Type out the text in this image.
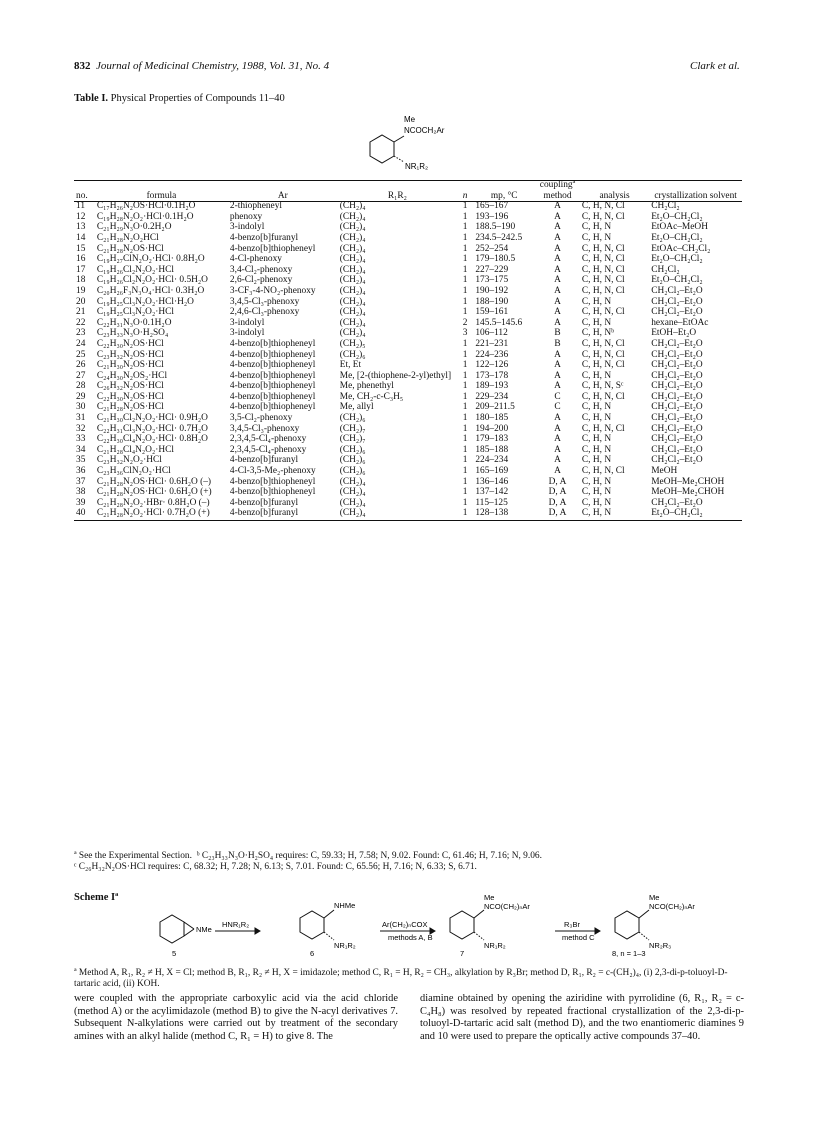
832 Journal of Medicinal Chemistry, 1988, Vol. 31, No. 4	Clark et al.
Table I. Physical Properties of Compounds 11–40
Me
NCOCH₂Ar
NR₁R₂
no.	formula	Ar	R₁R₂	n	mp, °C	couplingª method	analysis	crystallization solvent
11	C₁₇H₂₆N₂OS·HCl·0.1H₂O	2-thiopheneyl	(CH₂)₄	1	165–167	A	C, H, N, Cl	CH₂Cl₂
12	C₁₉H₂₈N₂O₂·HCl·0.1H₂O	phenoxy	(CH₂)₄	1	193–196	A	C, H, N, Cl	Et₂O–CH₂Cl₂
13	C₂₁H₂₉N₃O·0.2H₂O	3-indolyl	(CH₂)₄	1	188.5–190	A	C, H, N	EtOAc–MeOH
14	C₂₁H₂₈N₂O₂HCl	4-benzo[b]furanyl	(CH₂)₄	1	234.5–242.5	A	C, H, N	Et₂O–CH₂Cl₂
15	C₂₁H₂₈N₂OS·HCl	4-benzo[b]thiopheneyl	(CH₂)₄	1	252–254	A	C, H, N, Cl	EtOAc–CH₂Cl₂
16	C₁₉H₂₇ClN₂O₂·HCl· 0.8H₂O	4-Cl-phenoxy	(CH₂)₄	1	179–180.5	A	C, H, N, Cl	Et₂O–CH₂Cl₂
17	C₁₉H₂₆Cl₂N₂O₂·HCl	3,4-Cl₂-phenoxy	(CH₂)₄	1	227–229	A	C, H, N, Cl	CH₂Cl₂
18	C₁₉H₂₆Cl₂N₂O₂·HCl· 0.5H₂O	2,6-Cl₂-phenoxy	(CH₂)₄	1	173–175	A	C, H, N, Cl	Et₂O–CH₂Cl₂
19	C₂₀H₂₆F₃N₃O₄·HCl· 0.3H₂O	3-CF₃-4-NO₂-phenoxy	(CH₂)₄	1	190–192	A	C, H, N, Cl	CH₂Cl₂–Et₂O
20	C₁₉H₂₅Cl₃N₂O₂·HCl·H₂O	3,4,5-Cl₃-phenoxy	(CH₂)₄	1	188–190	A	C, H, N	CH₂Cl₂–Et₂O
21	C₁₉H₂₅Cl₃N₂O₂·HCl	2,4,6-Cl₃-phenoxy	(CH₂)₄	1	159–161	A	C, H, N, Cl	CH₂Cl₂–Et₂O
22	C₂₂H₃₁N₃O·0.1H₂O	3-indolyl	(CH₂)₄	2	145.5–145.6	A	C, H, N	hexane–EtOAc
23	C₂₃H₃₃N₃O·H₂SO₄	3-indolyl	(CH₂)₄	3	106–112	B	C, H, Nᵇ	EtOH–Et₂O
24	C₂₂H₃₀N₂OS·HCl	4-benzo[b]thiopheneyl	(CH₂)₅	1	221–231	B	C, H, N, Cl	CH₂Cl₂–Et₂O
25	C₂₃H₃₂N₂OS·HCl	4-benzo[b]thiopheneyl	(CH₂)₆	1	224–236	A	C, H, N, Cl	CH₂Cl₂–Et₂O
26	C₂₁H₃₀N₂OS·HCl	4-benzo[b]thiopheneyl	Et, Et	1	122–126	A	C, H, N, Cl	CH₂Cl₂–Et₂O
27	C₂₄H₃₀N₂OS₂·HCl	4-benzo[b]thiopheneyl	Me, [2-(thiophene-2-yl)ethyl]	1	173–178	A	C, H, N	CH₂Cl₂–Et₂O
28	C₂₆H₃₂N₂OS·HCl	4-benzo[b]thiopheneyl	Me, phenethyl	1	189–193	A	C, H, N, Sᶜ	CH₂Cl₂–Et₂O
29	C₂₂H₃₀N₂OS·HCl	4-benzo[b]thiopheneyl	Me, CH₂-c-C₃H₅	1	229–234	C	C, H, N, Cl	CH₂Cl₂–Et₂O
30	C₂₁H₂₈N₂OS·HCl	4-benzo[b]thiopheneyl	Me, allyl	1	209–211.5	C	C, H, N	CH₂Cl₂–Et₂O
31	C₂₁H₃₀Cl₂N₂O₂·HCl· 0.9H₂O	3,5-Cl₂-phenoxy	(CH₂)₆	1	180–185	A	C, H, N	CH₂Cl₂–Et₂O
32	C₂₂H₃₁Cl₃N₂O₂·HCl· 0.7H₂O	3,4,5-Cl₃-phenoxy	(CH₂)₇	1	194–200	A	C, H, N, Cl	CH₂Cl₂–Et₂O
33	C₂₂H₃₀Cl₄N₂O₂·HCl· 0.8H₂O	2,3,4,5-Cl₄-phenoxy	(CH₂)₇	1	179–183	A	C, H, N	CH₂Cl₂–Et₂O
34	C₂₁H₂₈Cl₄N₂O₂·HCl	2,3,4,5-Cl₄-phenoxy	(CH₂)₆	1	185–188	A	C, H, N	CH₂Cl₂–Et₂O
35	C₂₃H₃₂N₂O₂·HCl	4-benzo[b]furanyl	(CH₂)₆	1	224–234	A	C, H, N	CH₂Cl₂–Et₂O
36	C₂₃H₃₆ClN₂O₂·HCl	4-Cl-3,5-Me₂-phenoxy	(CH₂)₆	1	165–169	A	C, H, N, Cl	MeOH
37	C₂₁H₂₈N₂OS·HCl· 0.6H₂O (–)	4-benzo[b]thiopheneyl	(CH₂)₄	1	136–146	D, A	C, H, N	MeOH–Me₂CHOH
38	C₂₁H₂₈N₂OS·HCl· 0.6H₂O (+)	4-benzo[b]thiopheneyl	(CH₂)₄	1	137–142	D, A	C, H, N	MeOH–Me₂CHOH
39	C₂₁H₂₈N₂O₂·HBr· 0.8H₂O (–)	4-benzo[b]furanyl	(CH₂)₄	1	115–125	D, A	C, H, N	CH₂Cl₂–Et₂O
40	C₂₁H₂₈N₂O₂·HCl· 0.7H₂O (+)	4-benzo[b]furanyl	(CH₂)₄	1	128–138	D, A	C, H, N	Et₂O–CH₂Cl₂
ª See the Experimental Section. ᵇ C₂₃H₃₃N₃O·H₂SO₄ requires: C, 59.33; H, 7.58; N, 9.02. Found: C, 61.46; H, 7.16; N, 9.06.
ᶜ C₂₆H₃₂N₂OS·HCl requires: C, 68.32; H, 7.28; N, 6.13; S, 7.01. Found: C, 65.56; H, 7.16; N, 6.33; S, 6.71.
Scheme Iª
NMe
HNR₁R₂
NHMe
NR₁R₂
Ar(CH₂)ₙCOX
methods A, B
Me
NCO(CH₂)ₙAr
NR₁R₂
R₃Br
method C
Me
NCO(CH₂)ₙAr
NR₂R₃
5	6	7	8, n = 1–3
ª Method A, R₁, R₂ ≠ H, X = Cl; method B, R₁, R₂ ≠ H, X = imidazole; method C, R₁ = H, R₂ = CH₃, alkylation by R₃Br; method D, R₁, R₂ = c-(CH₂)₄, (i) 2,3-di-p-toluoyl-D-tartaric acid, (ii) KOH.
were coupled with the appropriate carboxylic acid via the acid chloride (method A) or the acylimidazole (method B) to give the N-acyl derivatives 7. Subsequent N-alkylations were carried out by treatment of the secondary amines with an alkyl halide (method C, R₁ = H) to give 8. The
diamine obtained by opening the aziridine with pyrrolidine (6, R₁, R₂ = c-C₄H₈) was resolved by repeated fractional crystallization of the 2,3-di-p-toluoyl-D-tartaric acid salt (method D), and the two enantiomeric diamines 9 and 10 were used to prepare the optically active compounds 37–40.
